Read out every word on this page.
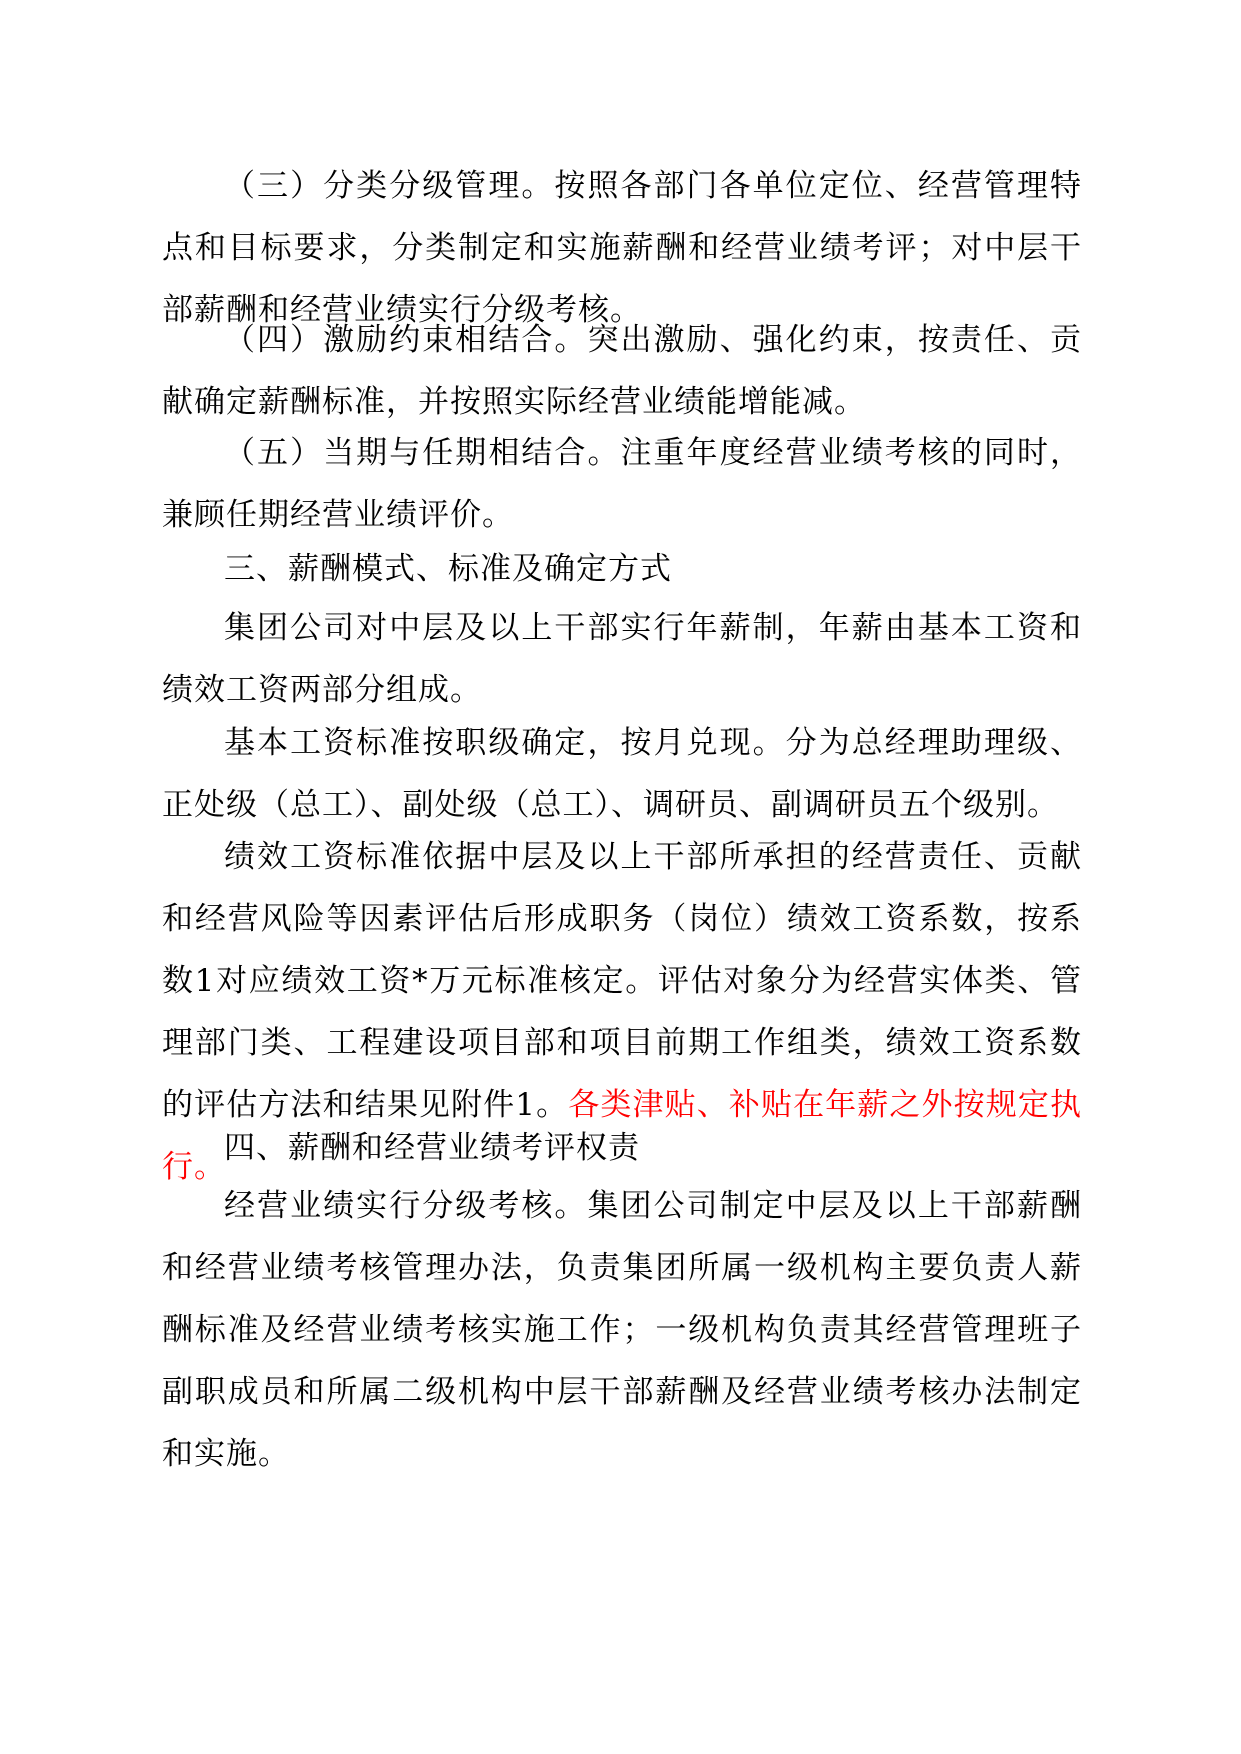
（三）分类分级管理。按照各部门各单位定位、经营管理特点和目标要求，分类制定和实施薪酬和经营业绩考评；对中层干部薪酬和经营业绩实行分级考核。

（四）激励约束相结合。突出激励、强化约束，按责任、贡献确定薪酬标准，并按照实际经营业绩能增能减。

（五）当期与任期相结合。注重年度经营业绩考核的同时，兼顾任期经营业绩评价。

三、薪酬模式、标准及确定方式

集团公司对中层及以上干部实行年薪制，年薪由基本工资和绩效工资两部分组成。

基本工资标准按职级确定，按月兑现。分为总经理助理级、正处级（总工）、副处级（总工）、调研员、副调研员五个级别。

绩效工资标准依据中层及以上干部所承担的经营责任、贡献和经营风险等因素评估后形成职务（岗位）绩效工资系数，按系数1对应绩效工资*万元标准核定。评估对象分为经营实体类、管理部门类、工程建设项目部和项目前期工作组类，绩效工资系数的评估方法和结果见附件1。各类津贴、补贴在年薪之外按规定执行。

四、薪酬和经营业绩考评权责

经营业绩实行分级考核。集团公司制定中层及以上干部薪酬和经营业绩考核管理办法，负责集团所属一级机构主要负责人薪酬标准及经营业绩考核实施工作；一级机构负责其经营管理班子副职成员和所属二级机构中层干部薪酬及经营业绩考核办法制定和实施。
